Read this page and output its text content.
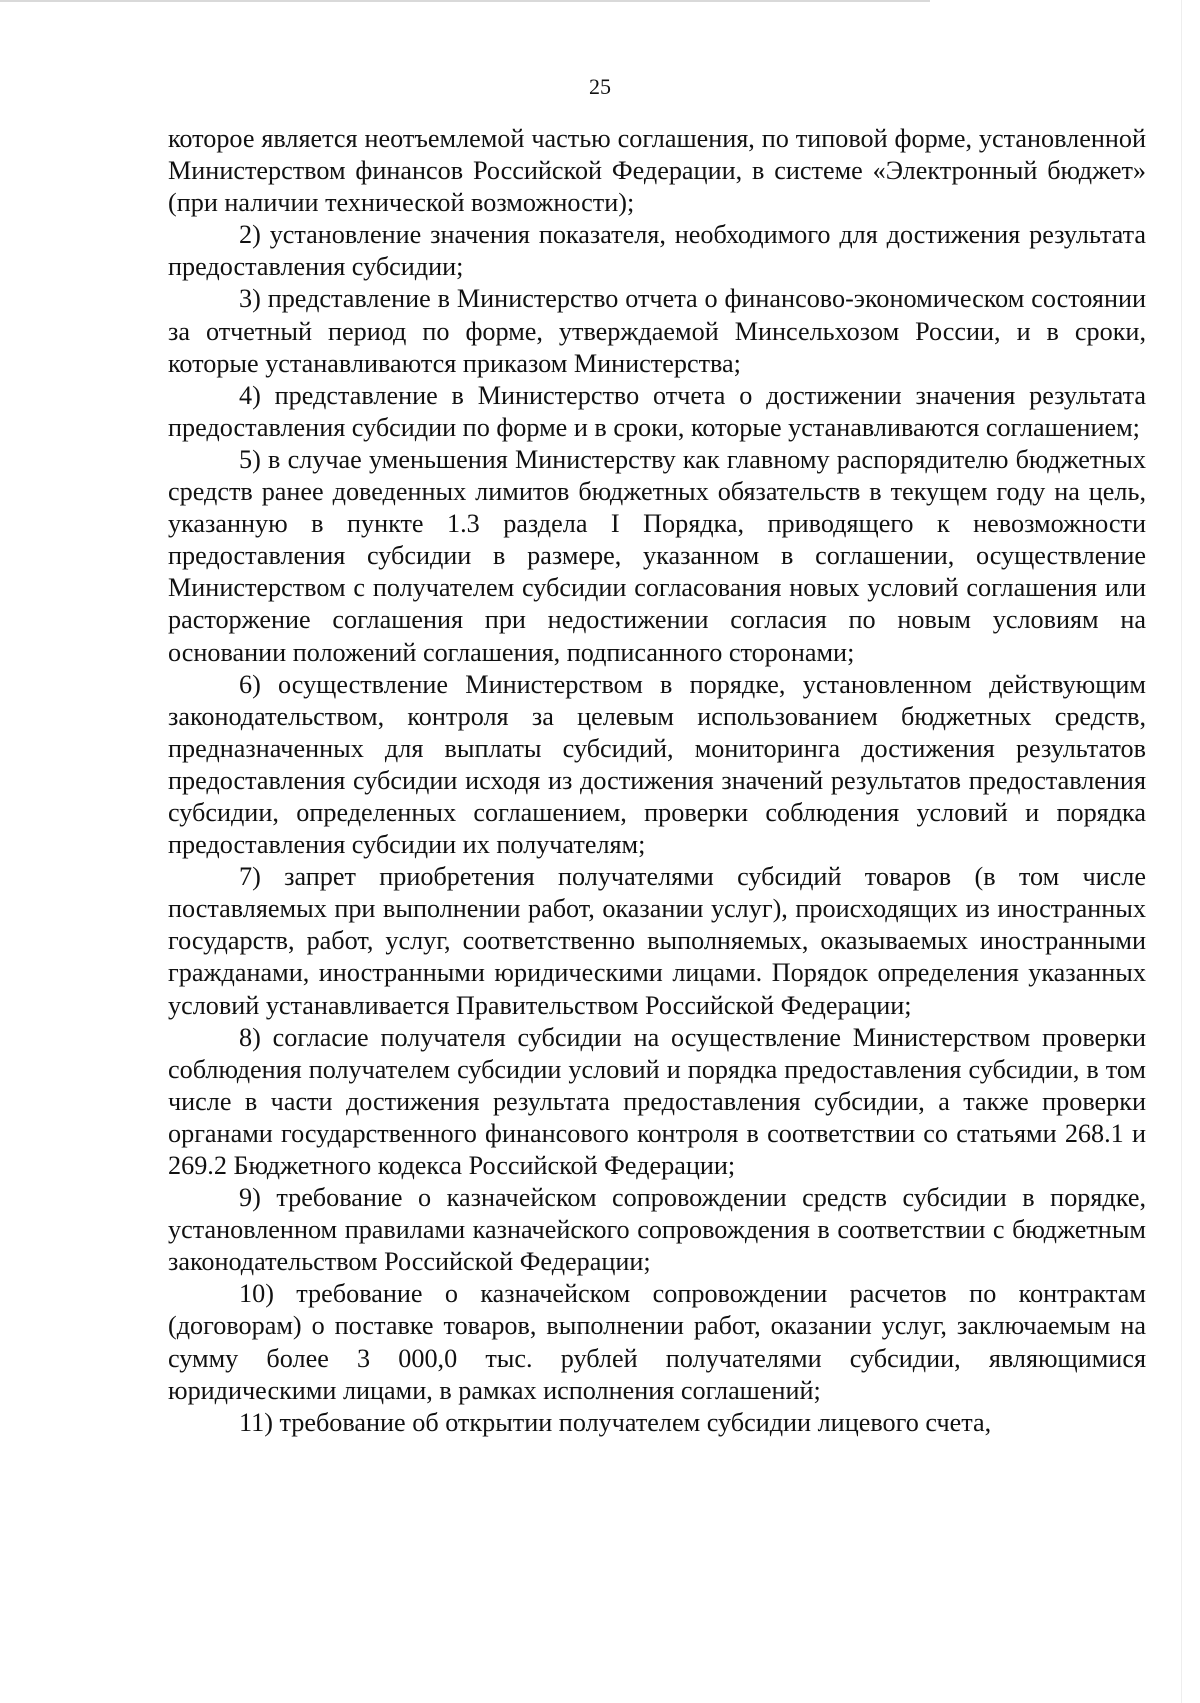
25

которое является неотъемлемой частью соглашения, по типовой форме, установленной Министерством финансов Российской Федерации, в системе «Электронный бюджет» (при наличии технической возможности);

2) установление значения показателя, необходимого для достижения результата предоставления субсидии;

3) представление в Министерство отчета о финансово-экономическом состоянии за отчетный период по форме, утверждаемой Минсельхозом России, и в сроки, которые устанавливаются приказом Министерства;

4) представление в Министерство отчета о достижении значения результата предоставления субсидии по форме и в сроки, которые устанавливаются соглашением;

5) в случае уменьшения Министерству как главному распорядителю бюджетных средств ранее доведенных лимитов бюджетных обязательств в текущем году на цель, указанную в пункте 1.3 раздела I Порядка, приводящего к невозможности предоставления субсидии в размере, указанном в соглашении, осуществление Министерством с получателем субсидии согласования новых условий соглашения или расторжение соглашения при недостижении согласия по новым условиям на основании положений соглашения, подписанного сторонами;

6) осуществление Министерством в порядке, установленном действующим законодательством, контроля за целевым использованием бюджетных средств, предназначенных для выплаты субсидий, мониторинга достижения результатов предоставления субсидии исходя из достижения значений результатов предоставления субсидии, определенных соглашением, проверки соблюдения условий и порядка предоставления субсидии их получателям;

7) запрет приобретения получателями субсидий товаров (в том числе поставляемых при выполнении работ, оказании услуг), происходящих из иностранных государств, работ, услуг, соответственно выполняемых, оказываемых иностранными гражданами, иностранными юридическими лицами. Порядок определения указанных условий устанавливается Правительством Российской Федерации;

8) согласие получателя субсидии на осуществление Министерством проверки соблюдения получателем субсидии условий и порядка предоставления субсидии, в том числе в части достижения результата предоставления субсидии, а также проверки органами государственного финансового контроля в соответствии со статьями 268.1 и 269.2 Бюджетного кодекса Российской Федерации;

9) требование о казначейском сопровождении средств субсидии в порядке, установленном правилами казначейского сопровождения в соответствии с бюджетным законодательством Российской Федерации;

10) требование о казначейском сопровождении расчетов по контрактам (договорам) о поставке товаров, выполнении работ, оказании услуг, заключаемым на сумму более 3 000,0 тыс. рублей получателями субсидии, являющимися юридическими лицами, в рамках исполнения соглашений;

11) требование об открытии получателем субсидии лицевого счета,
